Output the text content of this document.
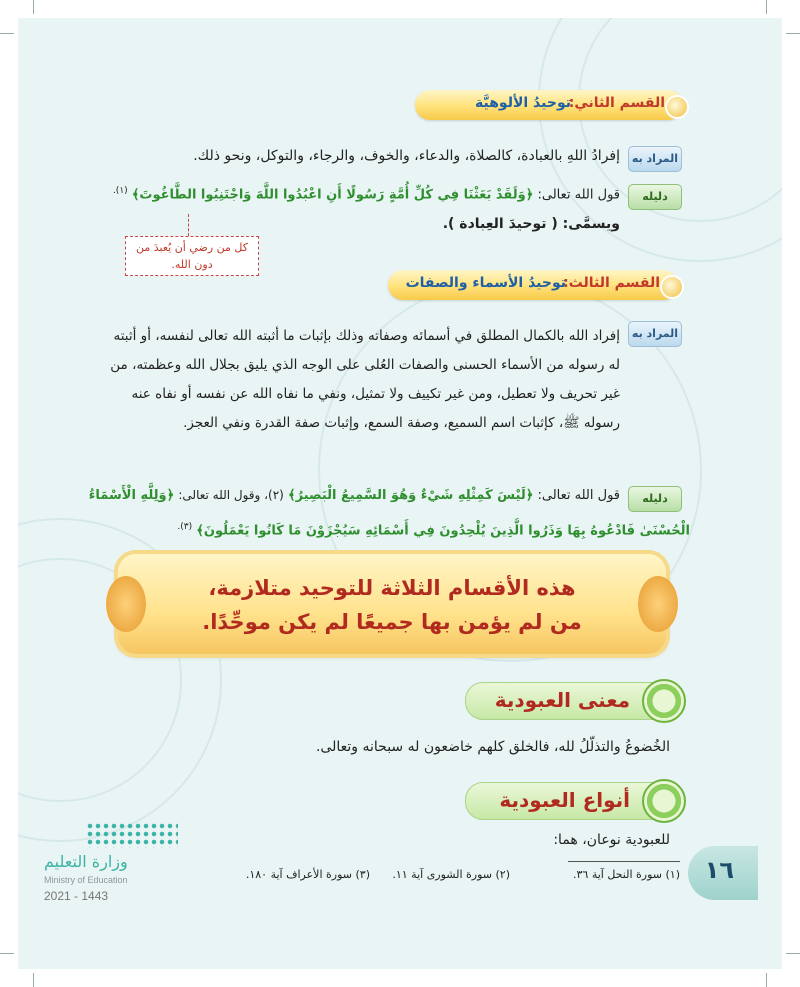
القسم الثاني:
توحيدُ الألوهيَّة
المراد به
إفرادُ اللهِ بالعبادة، كالصلاة، والدعاء، والخوف، والرجاء، والتوكل، ونحو ذلك.
دليله
قول الله تعالى: ﴿وَلَقَدْ بَعَثْنَا فِي كُلِّ أُمَّةٍ رَسُولًا أَنِ اعْبُدُوا اللَّهَ وَاجْتَنِبُوا الطَّاغُوتَ﴾ $^{(١).}$
ويسمَّى: ( توحيدَ العِبادة ).
كل من رضي أن يُعبدَ من دون الله.
القسم الثالث:
توحيدُ الأسماء والصفات
المراد به
إفراد الله بالكمال المطلق في أسمائه وصفاته وذلك بإثبات ما أثبته الله تعالى لنفسه، أو أثبته له رسوله من الأسماء الحسنى والصفات العُلى على الوجه الذي يليق بجلال الله وعظمته، من غير تحريف ولا تعطيل، ومن غير تكييف ولا تمثيل، ونفي ما نفاه الله عن نفسه أو نفاه عنه رسوله ﷺ، كإثبات اسم السميع، وصفة السمع، وإثبات صفة القدرة ونفي العجز.
دليله
قول الله تعالى: ﴿لَيْسَ كَمِثْلِهِ شَيْءٌ وَهُوَ السَّمِيعُ الْبَصِيرُ﴾ (٢)، وقول الله تعالى: ﴿وَلِلَّهِ الْأَسْمَاءُ
الْحُسْنَىٰ فَادْعُوهُ بِهَا وَذَرُوا الَّذِينَ يُلْحِدُونَ فِي أَسْمَائِهِ سَيُجْزَوْنَ مَا كَانُوا يَعْمَلُونَ﴾ $^{(٣).}$
هذه الأقسام الثلاثة للتوحيد متلازمة،
من لم يؤمن بها جميعًا لم يكن موحِّدًا.
معنى العبودية
الخُضوعُ والتذلّلُ لله، فالخلق كلهم خاضعون له سبحانه وتعالى.
أنواع العبودية
للعبودية نوعان، هما:
(١) سورة النحل آية ٣٦.
(٢) سورة الشورى آية ١١.
(٣) سورة الأعراف آية ١٨٠.	١٦
وزارة التعليم
Ministry of Education
2021 - 1443
